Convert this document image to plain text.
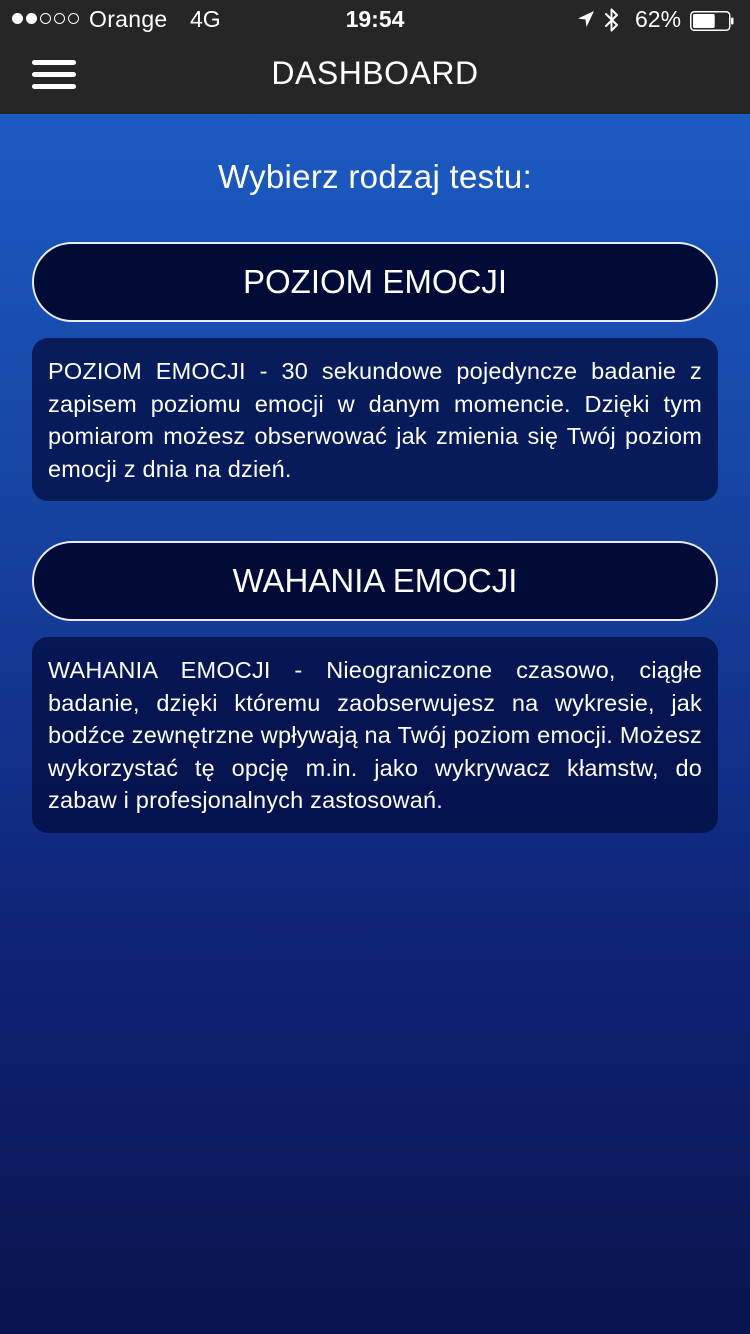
Orange 4G	19:54	62%
DASHBOARD
Wybierz rodzaj testu:
POZIOM EMOCJI
POZIOM EMOCJI - 30 sekundowe pojedyncze badanie z zapisem poziomu emocji w danym momencie. Dzięki tym pomiarom możesz obserwować jak zmienia się Twój poziom emocji z dnia na dzień.
WAHANIA EMOCJI
WAHANIA EMOCJI - Nieograniczone czasowo, ciągłe badanie, dzięki któremu zaobserwujesz na wykresie, jak bodźce zewnętrzne wpływają na Twój poziom emocji. Możesz wykorzystać tę opcję m.in. jako wykrywacz kłamstw, do zabaw i profesjonalnych zastosowań.
